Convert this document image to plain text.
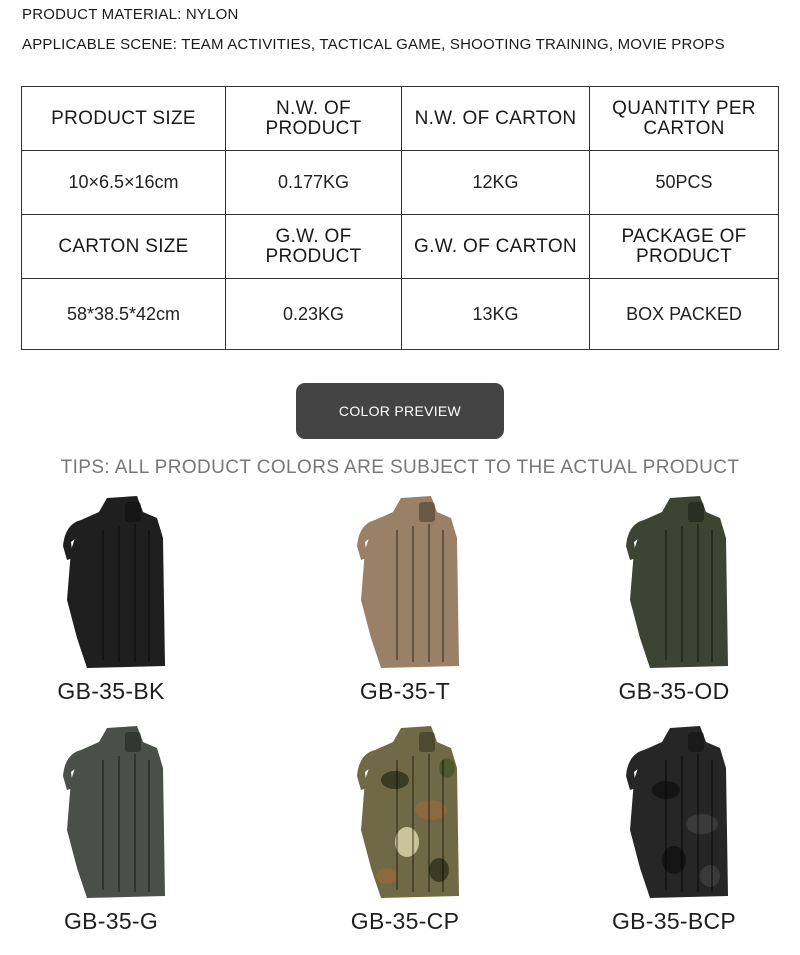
PRODUCT MATERIAL: NYLON
APPLICABLE SCENE: TEAM ACTIVITIES, TACTICAL GAME, SHOOTING TRAINING, MOVIE PROPS
PRODUCT SIZE	N.W. OF PRODUCT	N.W. OF CARTON	QUANTITY PER CARTON
10×6.5×16cm	0.177KG	12KG	50PCS
CARTON SIZE	G.W. OF PRODUCT	G.W. OF CARTON	PACKAGE OF PRODUCT
58*38.5*42cm	0.23KG	13KG	BOX PACKED
COLOR PREVIEW
TIPS: ALL PRODUCT COLORS ARE SUBJECT TO THE ACTUAL PRODUCT
GB-35-BK	GB-35-T	GB-35-OD
GB-35-G	GB-35-CP	GB-35-BCP
